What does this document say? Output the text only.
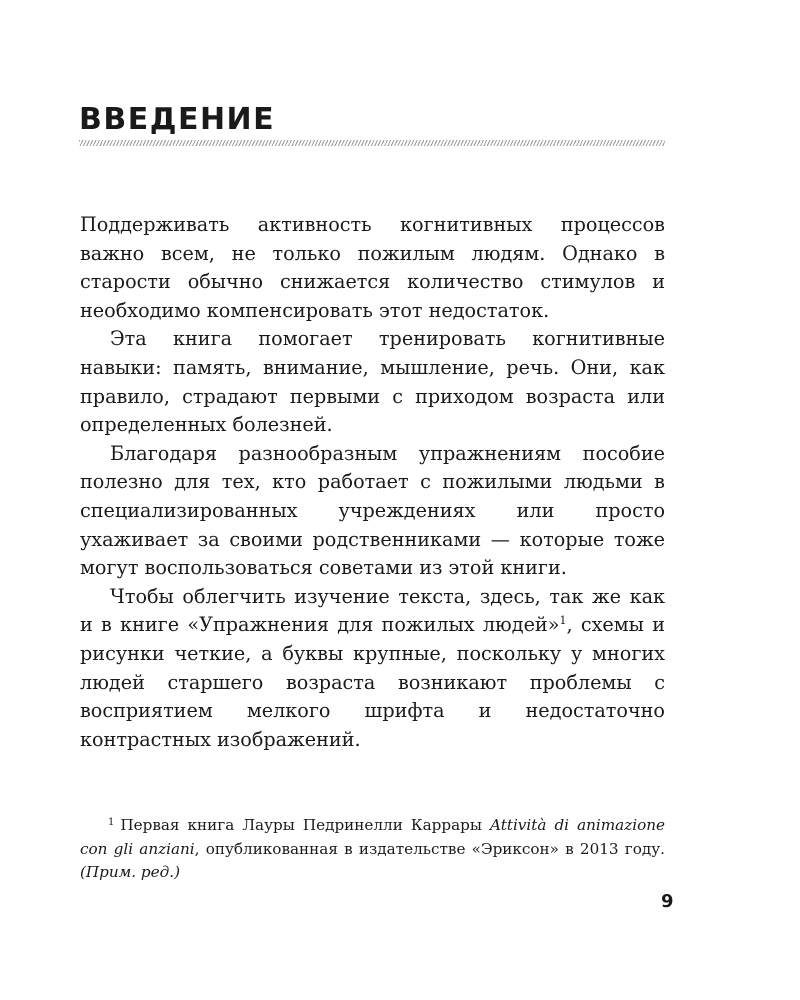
ВВЕДЕНИЕ

Поддерживать активность когнитивных процессов важно всем, не только пожилым людям. Однако в старости обычно снижается количество стимулов и необходимо компенсировать этот недостаток.

Эта книга помогает тренировать когнитивные навыки: память, внимание, мышление, речь. Они, как правило, страдают первыми с приходом возраста или определенных болезней.

Благодаря разнообразным упражнениям пособие полезно для тех, кто работает с пожилыми людьми в специализированных учреждениях или просто ухаживает за своими родственниками — которые тоже могут воспользоваться советами из этой книги.

Чтобы облегчить изучение текста, здесь, так же как и в книге «Упражнения для пожилых людей»$^1$, схемы и рисунки четкие, а буквы крупные, поскольку у многих людей старшего возраста возникают проблемы с восприятием мелкого шрифта и недостаточно контрастных изображений.

$^1$ Первая книга Лауры Педринелли Каррары Attività di animazione con gli anziani, опубликованная в издательстве «Эриксон» в 2013 году. (Прим. ред.)

9
